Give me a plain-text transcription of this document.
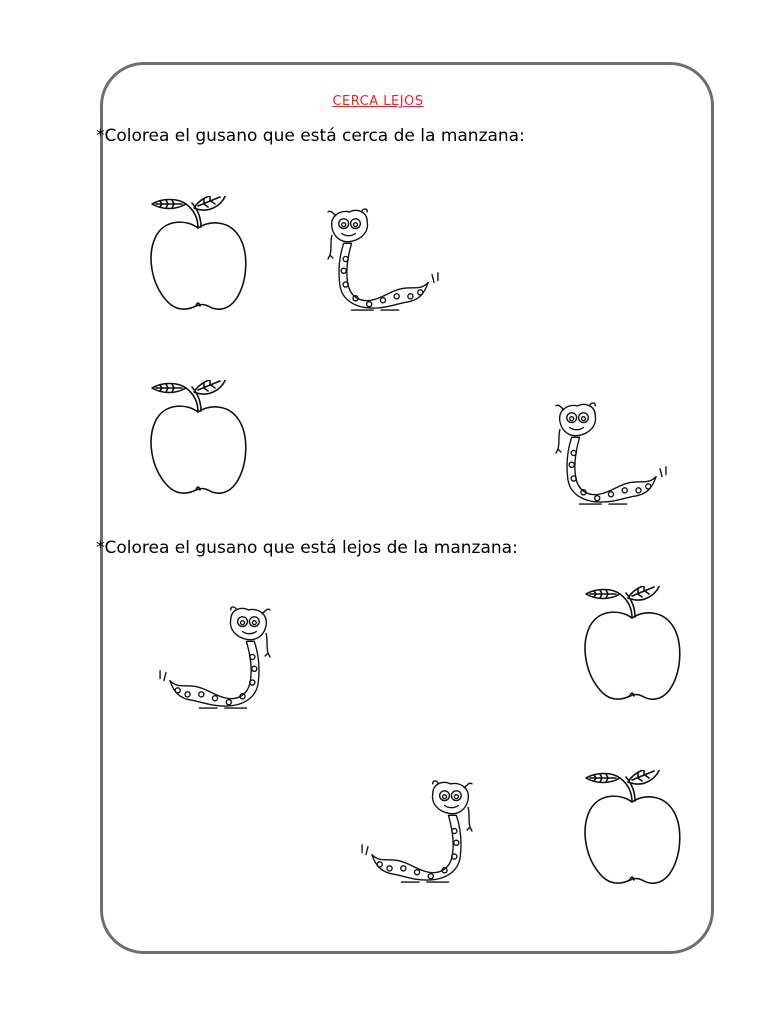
CERCA LEJOS
*Colorea el gusano que está cerca de la manzana:
*Colorea el gusano que está lejos de la manzana:
